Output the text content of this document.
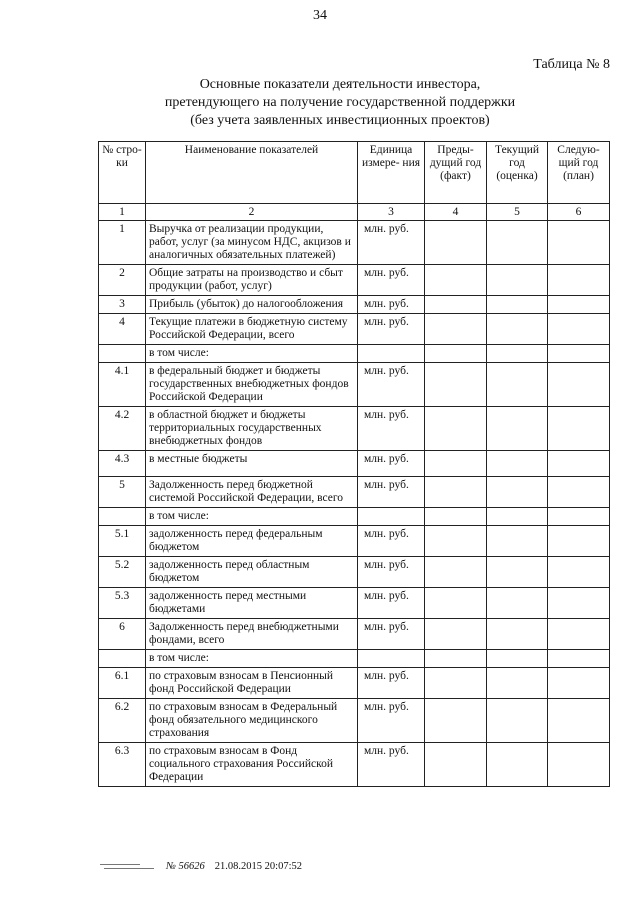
34
Таблица № 8
Основные показатели деятельности инвестора,
претендующего на получение государственной поддержки
(без учета заявленных инвестиционных проектов)
№ стро- ки	Наименование показателей	Единица измере- ния	Преды- дущий год (факт)	Текущий год (оценка)	Следую- щий год (план)
1	2	3	4	5	6
1	Выручка от реализации продукции, работ, услуг (за минусом НДС, акцизов и аналогичных обязательных платежей)	млн. руб.			
2	Общие затраты на производство и сбыт продукции (работ, услуг)	млн. руб.			
3	Прибыль (убыток) до налогообложения	млн. руб.			
4	Текущие платежи в бюджетную систему Российской Федерации, всего	млн. руб.			
	в том числе:				
4.1	в федеральный бюджет и бюджеты государственных внебюджетных фондов Российской Федерации	млн. руб.			
4.2	в областной бюджет и бюджеты территориальных государственных внебюджетных фондов	млн. руб.			
4.3	в местные бюджеты	млн. руб.			
5	Задолженность перед бюджетной системой Российской Федерации, всего	млн. руб.			
	в том числе:				
5.1	задолженность перед федеральным бюджетом	млн. руб.			
5.2	задолженность перед областным бюджетом	млн. руб.			
5.3	задолженность перед местными бюджетами	млн. руб.			
6	Задолженность перед внебюджетными фондами, всего	млн. руб.			
	в том числе:				
6.1	по страховым взносам в Пенсионный фонд Российской Федерации	млн. руб.			
6.2	по страховым взносам в Федеральный фонд обязательного медицинского страхования	млн. руб.			
6.3	по страховым взносам в Фонд социального страхования Российской Федерации	млн. руб.			
№ 56626 21.08.2015 20:07:52
